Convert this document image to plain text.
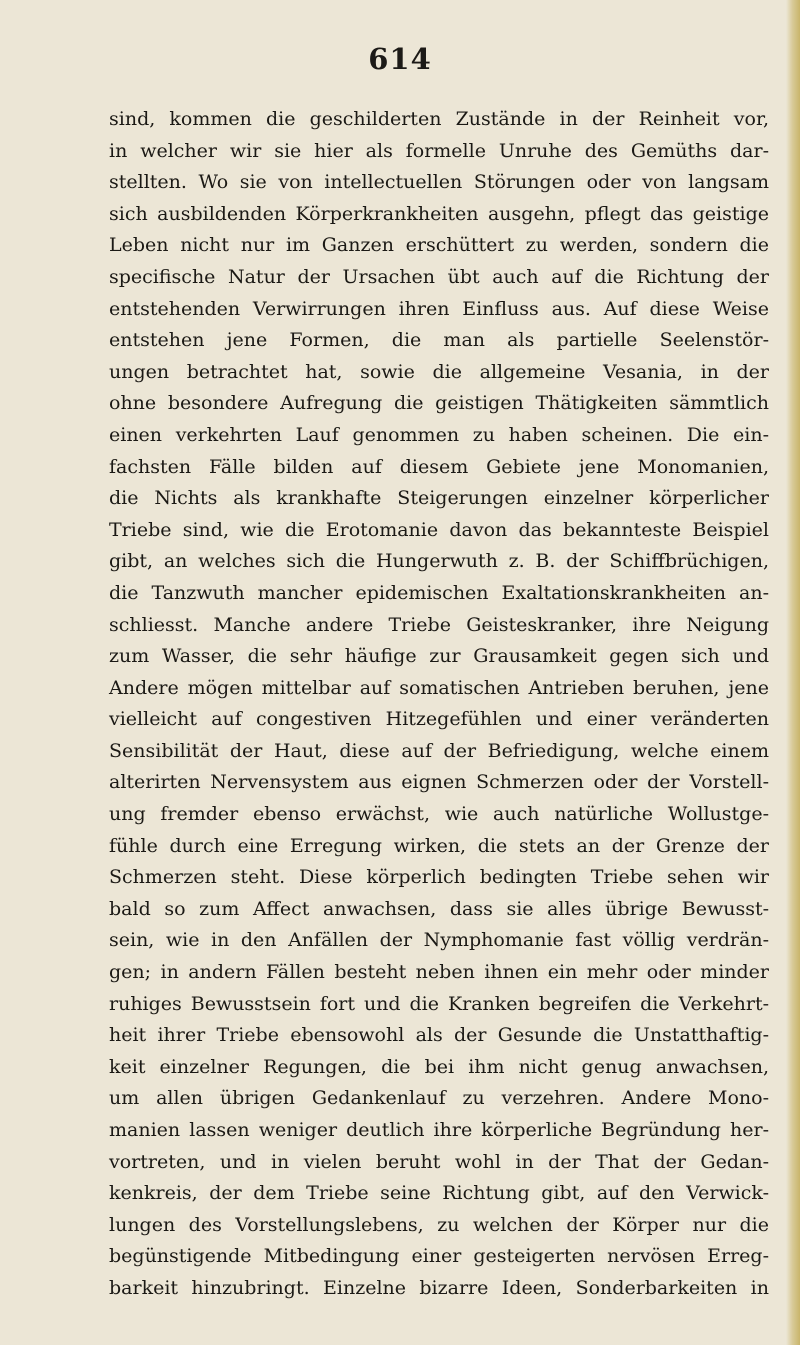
614
sind, kommen die geschilderten Zustände in der Reinheit vor,
in welcher wir sie hier als formelle Unruhe des Gemüths dar-
stellten. Wo sie von intellectuellen Störungen oder von langsam
sich ausbildenden Körperkrankheiten ausgehn, pflegt das geistige
Leben nicht nur im Ganzen erschüttert zu werden, sondern die
specifische Natur der Ursachen übt auch auf die Richtung der
entstehenden Verwirrungen ihren Einfluss aus. Auf diese Weise
entstehen jene Formen, die man als partielle Seelenstör-
ungen betrachtet hat, sowie die allgemeine Vesania, in der
ohne besondere Aufregung die geistigen Thätigkeiten sämmtlich
einen verkehrten Lauf genommen zu haben scheinen. Die ein-
fachsten Fälle bilden auf diesem Gebiete jene Monomanien,
die Nichts als krankhafte Steigerungen einzelner körperlicher
Triebe sind, wie die Erotomanie davon das bekannteste Beispiel
gibt, an welches sich die Hungerwuth z. B. der Schiffbrüchigen,
die Tanzwuth mancher epidemischen Exaltationskrankheiten an-
schliesst. Manche andere Triebe Geisteskranker, ihre Neigung
zum Wasser, die sehr häufige zur Grausamkeit gegen sich und
Andere mögen mittelbar auf somatischen Antrieben beruhen, jene
vielleicht auf congestiven Hitzegefühlen und einer veränderten
Sensibilität der Haut, diese auf der Befriedigung, welche einem
alterirten Nervensystem aus eignen Schmerzen oder der Vorstell-
ung fremder ebenso erwächst, wie auch natürliche Wollustge-
fühle durch eine Erregung wirken, die stets an der Grenze der
Schmerzen steht. Diese körperlich bedingten Triebe sehen wir
bald so zum Affect anwachsen, dass sie alles übrige Bewusst-
sein, wie in den Anfällen der Nymphomanie fast völlig verdrän-
gen; in andern Fällen besteht neben ihnen ein mehr oder minder
ruhiges Bewusstsein fort und die Kranken begreifen die Verkehrt-
heit ihrer Triebe ebensowohl als der Gesunde die Unstatthaftig-
keit einzelner Regungen, die bei ihm nicht genug anwachsen,
um allen übrigen Gedankenlauf zu verzehren. Andere Mono-
manien lassen weniger deutlich ihre körperliche Begründung her-
vortreten, und in vielen beruht wohl in der That der Gedan-
kenkreis, der dem Triebe seine Richtung gibt, auf den Verwick-
lungen des Vorstellungslebens, zu welchen der Körper nur die
begünstigende Mitbedingung einer gesteigerten nervösen Erreg-
barkeit hinzubringt. Einzelne bizarre Ideen, Sonderbarkeiten in
